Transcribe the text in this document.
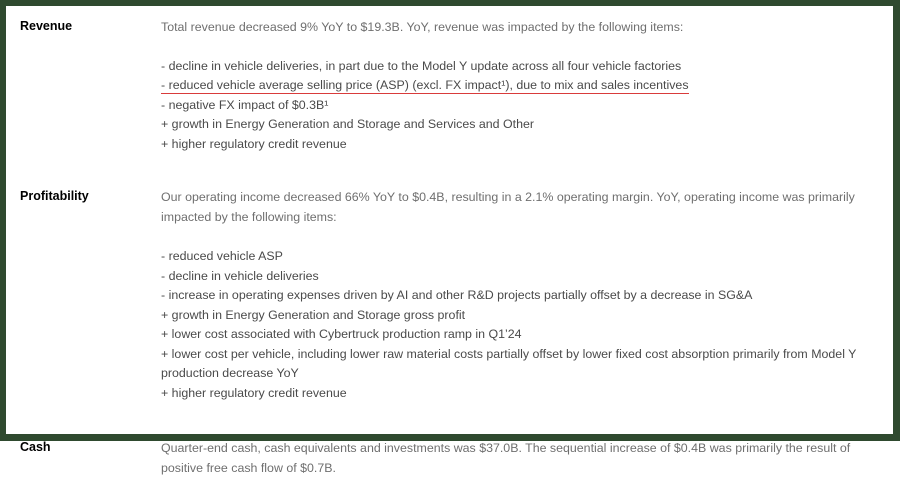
Revenue	Total revenue decreased 9% YoY to $19.3B. YoY, revenue was impacted by the following items:
- decline in vehicle deliveries, in part due to the Model Y update across all four vehicle factories
- reduced vehicle average selling price (ASP) (excl. FX impact¹), due to mix and sales incentives
- negative FX impact of $0.3B¹
+ growth in Energy Generation and Storage and Services and Other
+ higher regulatory credit revenue
Profitability	Our operating income decreased 66% YoY to $0.4B, resulting in a 2.1% operating margin. YoY, operating income was primarily impacted by the following items:
- reduced vehicle ASP
- decline in vehicle deliveries
- increase in operating expenses driven by AI and other R&D projects partially offset by a decrease in SG&A
+ growth in Energy Generation and Storage gross profit
+ lower cost associated with Cybertruck production ramp in Q1’24
+ lower cost per vehicle, including lower raw material costs partially offset by lower fixed cost absorption primarily from Model Y production decrease YoY
+ higher regulatory credit revenue
Cash	Quarter-end cash, cash equivalents and investments was $37.0B. The sequential increase of $0.4B was primarily the result of positive free cash flow of $0.7B.
